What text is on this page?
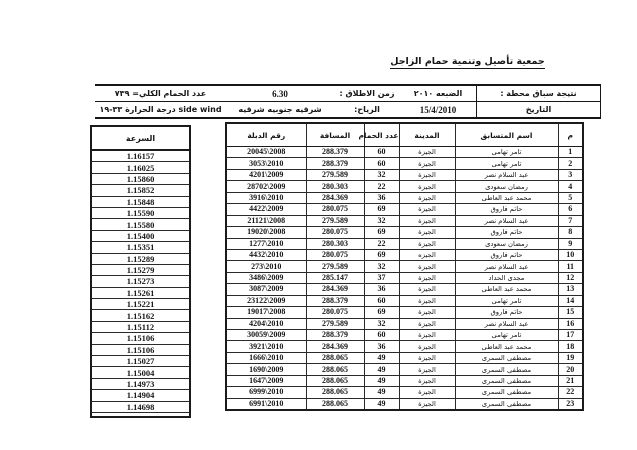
جمعية تأصيل وتنمية حمام الزاجل
نتيجة سباق محطة :	الضبعه ٢٠١٠	زمن الاطلاق :	6.30	عدد الحمام الكلي= ٧٣٩
التاريخ	15/4/2010	الرياح:	شرقيه جنوبيه شرقيه	side wind درجة الحرارة ٣٣-١٩
السرعة
1.16157
1.16025
1.15860
1.15852
1.15848
1.15590
1.15580
1.15400
1.15351
1.15289
1.15279
1.15273
1.15261
1.15221
1.15162
1.15112
1.15106
1.15106
1.15027
1.15004
1.14973
1.14904
1.14698
م	اسم المتسابق	المدينة	عدد الحمام	المسافة	رقم الدبلة
1	تامر تهامى	الجيزة	60	288.379	20045\2008
2	تامر تهامى	الجيزة	60	288.379	3053\2010
3	عبد السلام نصر	الجيزة	32	279.589	4201\2009
4	رمضان سعودى	الجيزة	22	280.303	28702\2009
5	محمد عبد العاطى	الجيزة	36	284.369	3916\2010
6	حاتم فاروق	الجيزة	69	280.075	4422\2009
7	عبد السلام نصر	الجيزة	32	279.589	21121\2008
8	حاتم فاروق	الجيزة	69	280.075	19020\2008
9	رمضان سعودى	الجيزة	22	280.303	1277\2010
10	حاتم فاروق	الجيزه	69	280.075	4432\2010
11	عبد السلام نصر	الجيزة	32	279.589	273\2010
12	مجدى الحداد	الجيزة	37	285.147	3486\2009
13	محمد عبد العاطى	الجيزة	36	284.369	3087\2009
14	تامر تهامى	الجيزة	60	288.379	23122\2009
15	حاتم فاروق	الجيزة	69	280.075	19017\2008
16	عبد السلام نصر	الجيزة	32	279.589	4204\2010
17	تامر تهامى	الجيزة	60	288.379	30059\2009
18	محمد عبد العاطى	الجيزة	36	284.369	3921\2010
19	مصطفى السمرى	الجيزة	49	288.065	1666\2010
20	مصطفى السمرى	الجيزة	49	288.065	1690\2009
21	مصطفى السمرى	الجيزة	49	288.065	1647\2009
22	مصطفى السمرى	الجيزة	49	288.065	6999\2010
23	مصطفى السمرى	الجيزة	49	288.065	6991\2010
